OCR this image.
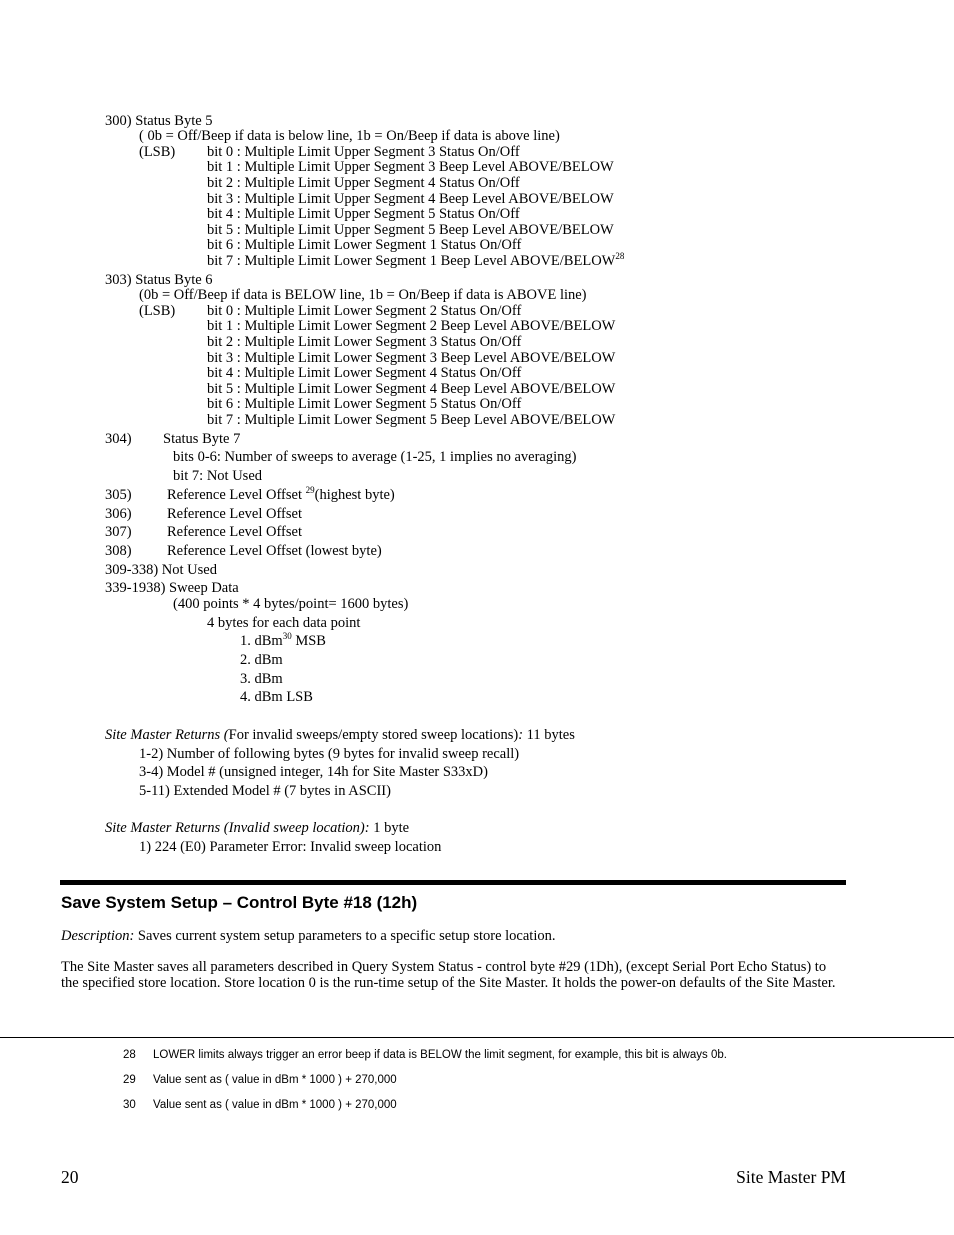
300) Status Byte 5
( 0b = Off/Beep if data is below line, 1b = On/Beep if data is above line)
(LSB) bit 0 : Multiple Limit Upper Segment 3 Status On/Off
bit 1 : Multiple Limit Upper Segment 3 Beep Level ABOVE/BELOW
bit 2 : Multiple Limit Upper Segment 4 Status On/Off
bit 3 : Multiple Limit Upper Segment 4 Beep Level ABOVE/BELOW
bit 4 : Multiple Limit Upper Segment 5 Status On/Off
bit 5 : Multiple Limit Upper Segment 5 Beep Level ABOVE/BELOW
bit 6 : Multiple Limit Lower Segment 1 Status On/Off
bit 7 : Multiple Limit Lower Segment 1 Beep Level ABOVE/BELOW$^{28}$
303) Status Byte 6
(0b = Off/Beep if data is BELOW line, 1b = On/Beep if data is ABOVE line)
(LSB) bit 0 : Multiple Limit Lower Segment 2 Status On/Off
bit 1 : Multiple Limit Lower Segment 2 Beep Level ABOVE/BELOW
bit 2 : Multiple Limit Lower Segment 3 Status On/Off
bit 3 : Multiple Limit Lower Segment 3 Beep Level ABOVE/BELOW
bit 4 : Multiple Limit Lower Segment 4 Status On/Off
bit 5 : Multiple Limit Lower Segment 4 Beep Level ABOVE/BELOW
bit 6 : Multiple Limit Lower Segment 5 Status On/Off
bit 7 : Multiple Limit Lower Segment 5 Beep Level ABOVE/BELOW
304) Status Byte 7
bits 0-6: Number of sweeps to average (1-25, 1 implies no averaging)
bit 7: Not Used
305) Reference Level Offset $^{29}$(highest byte)
306) Reference Level Offset
307) Reference Level Offset
308) Reference Level Offset (lowest byte)
309-338) Not Used
339-1938) Sweep Data
(400 points * 4 bytes/point= 1600 bytes)
4 bytes for each data point
1. dBm$^{30}$ MSB
2. dBm
3. dBm
4. dBm LSB
Site Master Returns (For invalid sweeps/empty stored sweep locations): 11 bytes
1-2) Number of following bytes (9 bytes for invalid sweep recall)
3-4) Model # (unsigned integer, 14h for Site Master S33xD)
5-11) Extended Model # (7 bytes in ASCII)
Site Master Returns (Invalid sweep location): 1 byte
1) 224 (E0) Parameter Error: Invalid sweep location
Save System Setup – Control Byte #18 (12h)
Description: Saves current system setup parameters to a specific setup store location.
The Site Master saves all parameters described in Query System Status - control byte #29 (1Dh), (except Serial Port Echo Status) to the specified store location. Store location 0 is the run-time setup of the Site Master. It holds the power-on defaults of the Site Master.
28 LOWER limits always trigger an error beep if data is BELOW the limit segment, for example, this bit is always 0b.
29 Value sent as ( value in dBm * 1000 ) + 270,000
30 Value sent as ( value in dBm * 1000 ) + 270,000
20	Site Master PM
